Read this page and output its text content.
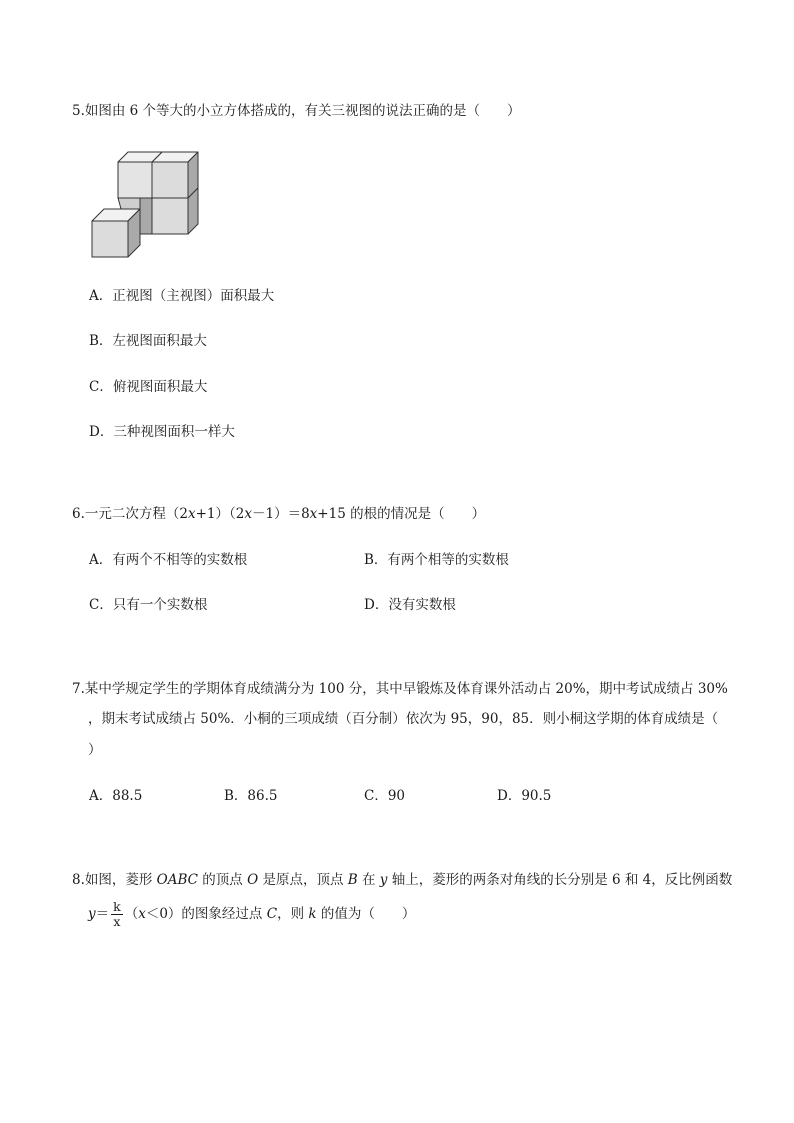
5.如图由 6 个等大的小立方体搭成的，有关三视图的说法正确的是（　　）
A．正视图（主视图）面积最大
B．左视图面积最大
C．俯视图面积最大
D．三种视图面积一样大
6.一元二次方程（2x+1）（2x－1）＝8x+15 的根的情况是（　　）
A．有两个不相等的实数根	B．有两个相等的实数根
C．只有一个实数根	D．没有实数根
7.某中学规定学生的学期体育成绩满分为 100 分，其中早锻炼及体育课外活动占 20%，期中考试成绩占 30%
，期末考试成绩占 50%．小桐的三项成绩（百分制）依次为 95，90，85．则小桐这学期的体育成绩是（
）
A．88.5	B．86.5	C．90	D．90.5
8.如图，菱形 OABC 的顶点 O 是原点，顶点 B 在 y 轴上，菱形的两条对角线的长分别是 6 和 4，反比例函数
$y= \frac{k}{x} (x<0)$的图象经过点 C，则 k 的值为（　　）
